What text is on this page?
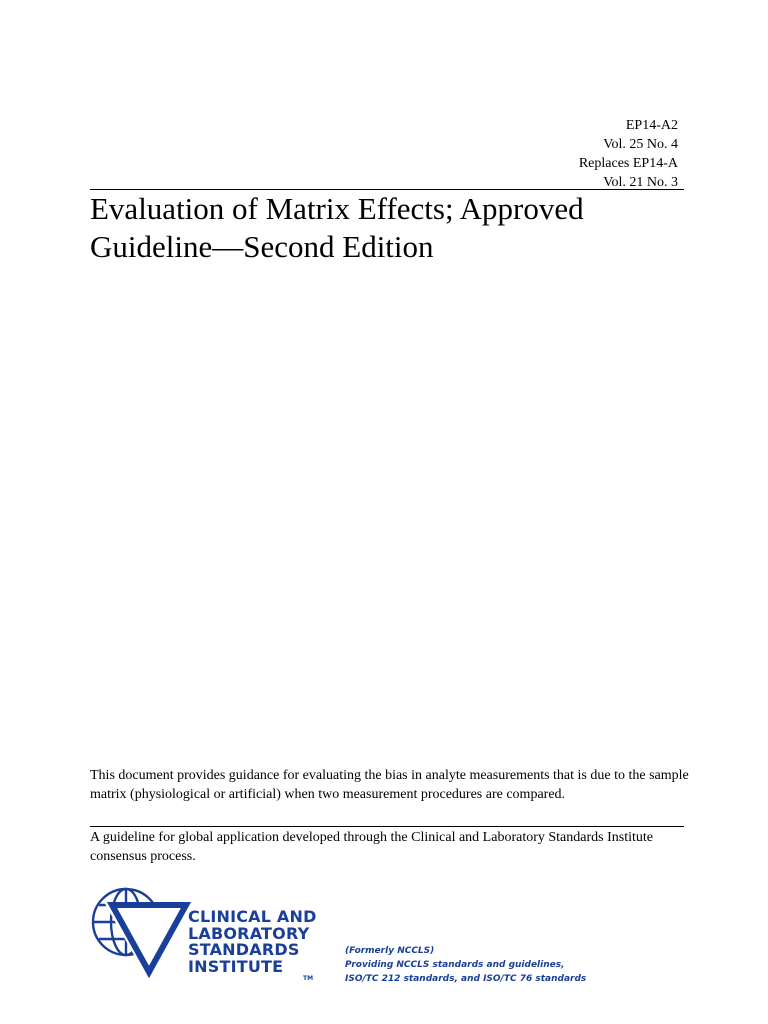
EP14-A2
Vol. 25 No. 4
Replaces EP14-A
Vol. 21 No. 3
Evaluation of Matrix Effects; Approved
Guideline—Second Edition

This document provides guidance for evaluating the bias in analyte measurements that is due to the sample matrix (physiological or artificial) when two measurement procedures are compared.

A guideline for global application developed through the Clinical and Laboratory Standards Institute consensus process.

CLINICAL AND
LABORATORY
STANDARDS
INSTITUTE
TM
(Formerly NCCLS)
Providing NCCLS standards and guidelines,
ISO/TC 212 standards, and ISO/TC 76 standards
